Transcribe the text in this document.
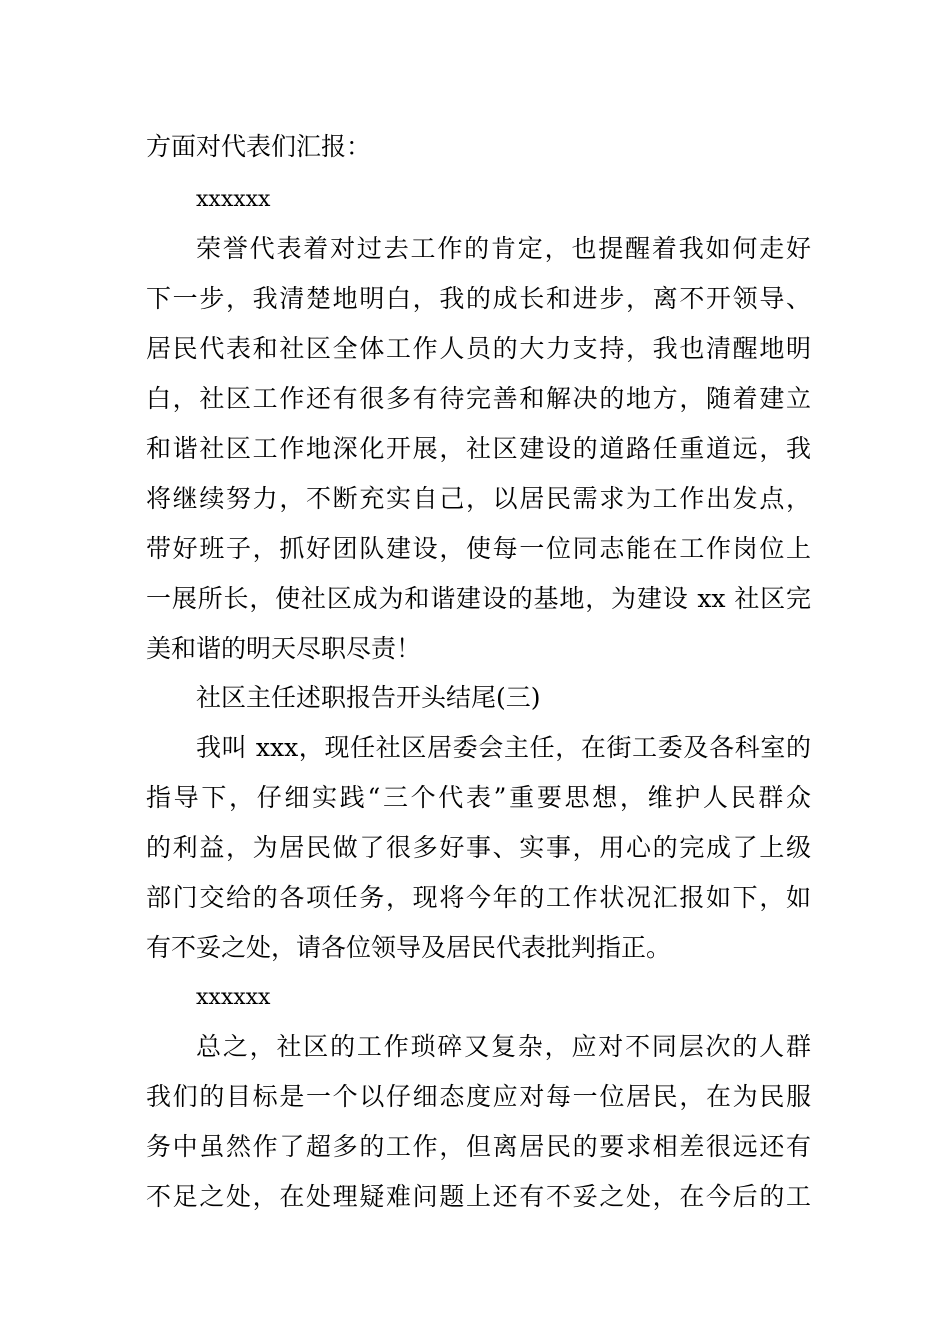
方面对代表们汇报：
xxxxxx
荣誉代表着对过去工作的肯定，也提醒着我如何走好
下一步，我清楚地明白，我的成长和进步，离不开领导、
居民代表和社区全体工作人员的大力支持，我也清醒地明
白，社区工作还有很多有待完善和解决的地方，随着建立
和谐社区工作地深化开展，社区建设的道路任重道远，我
将继续努力，不断充实自己，以居民需求为工作出发点，
带好班子，抓好团队建设，使每一位同志能在工作岗位上
一展所长，使社区成为和谐建设的基地，为建设 xx 社区完
美和谐的明天尽职尽责！
社区主任述职报告开头结尾(三)
我叫 xxx，现任社区居委会主任，在街工委及各科室的
指导下，仔细实践“三个代表”重要思想，维护人民群众
的利益，为居民做了很多好事、实事，用心的完成了上级
部门交给的各项任务，现将今年的工作状况汇报如下，如
有不妥之处，请各位领导及居民代表批判指正。
xxxxxx
总之，社区的工作琐碎又复杂，应对不同层次的人群
我们的目标是一个以仔细态度应对每一位居民，在为民服
务中虽然作了超多的工作，但离居民的要求相差很远还有
不足之处，在处理疑难问题上还有不妥之处，在今后的工
